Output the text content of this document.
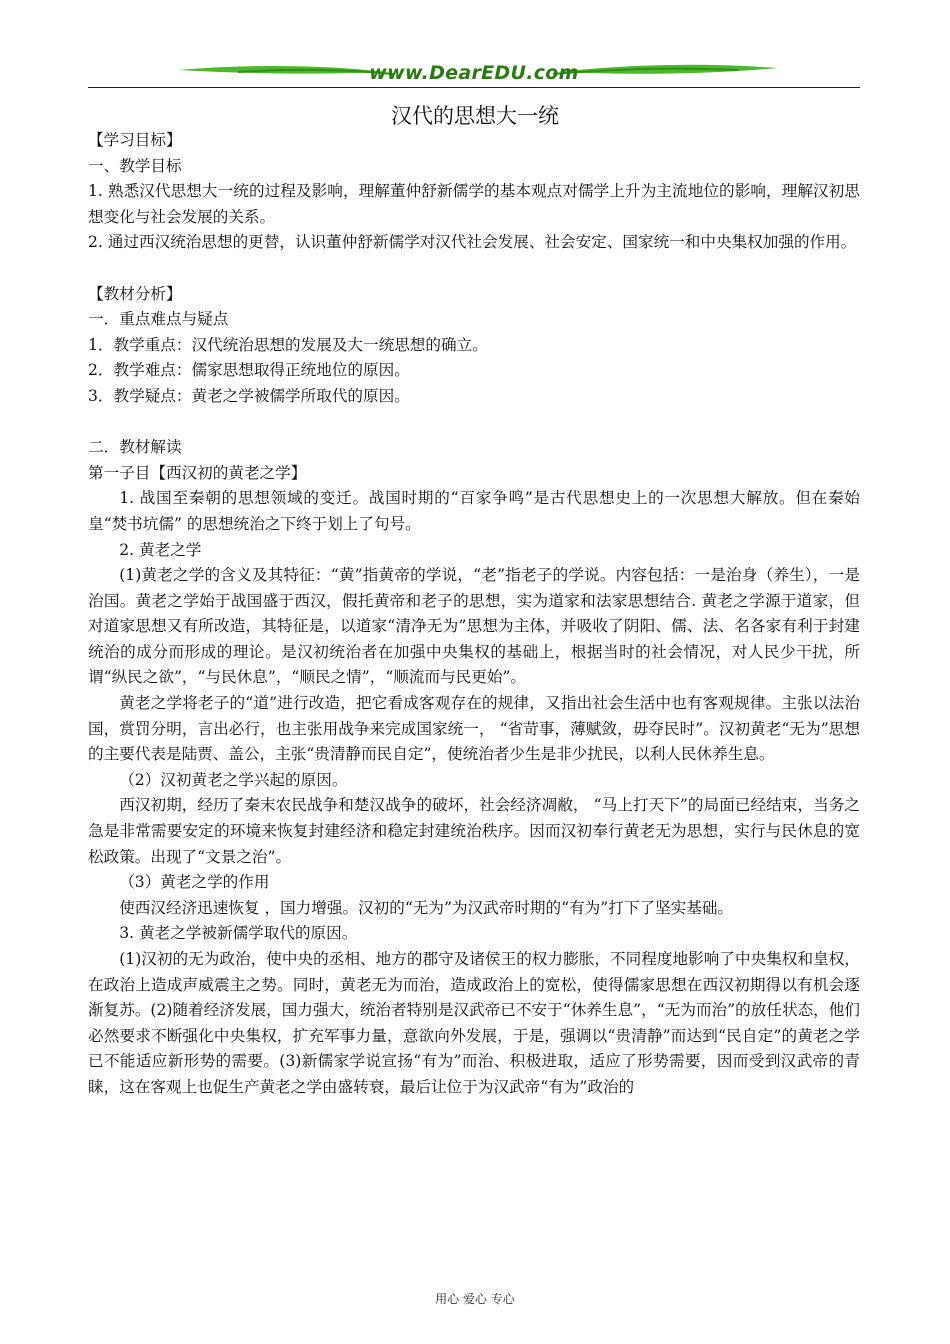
www.DearEDU.com
汉代的思想大一统

【学习目标】

一、教学目标

1. 熟悉汉代思想大一统的过程及影响，理解董仲舒新儒学的基本观点对儒学上升为主流地位的影响，理解汉初思想变化与社会发展的关系。

2. 通过西汉统治思想的更替，认识董仲舒新儒学对汉代社会发展、社会安定、国家统一和中央集权加强的作用。

【教材分析】

一．重点难点与疑点

1．教学重点：汉代统治思想的发展及大一统思想的确立。

2．教学难点：儒家思想取得正统地位的原因。

3．教学疑点：黄老之学被儒学所取代的原因。

二．教材解读

第一子目【西汉初的黄老之学】

1. 战国至秦朝的思想领域的变迁。战国时期的“百家争鸣”是古代思想史上的一次思想大解放。但在秦始皇“焚书坑儒” 的思想统治之下终于划上了句号。

2. 黄老之学

(1)黄老之学的含义及其特征：“黄”指黄帝的学说，“老”指老子的学说。内容包括：一是治身（养生），一是治国。黄老之学始于战国盛于西汉，假托黄帝和老子的思想，实为道家和法家思想结合. 黄老之学源于道家，但对道家思想又有所改造，其特征是，以道家“清净无为”思想为主体，并吸收了阴阳、儒、法、名各家有利于封建统治的成分而形成的理论。是汉初统治者在加强中央集权的基础上，根据当时的社会情况，对人民少干扰，所谓“纵民之欲”，“与民休息”，“顺民之情”，“顺流而与民更始”。

黄老之学将老子的“道”进行改造，把它看成客观存在的规律，又指出社会生活中也有客观规律。主张以法治国，赏罚分明，言出必行，也主张用战争来完成国家统一， “省苛事，薄赋敛，毋夺民时”。汉初黄老“无为”思想的主要代表是陆贾、盖公，主张“贵清静而民自定”，使统治者少生是非少扰民，以利人民休养生息。

（2）汉初黄老之学兴起的原因。

西汉初期，经历了秦末农民战争和楚汉战争的破坏，社会经济凋敝， “马上打天下”的局面已经结束，当务之急是非常需要安定的环境来恢复封建经济和稳定封建统治秩序。因而汉初奉行黄老无为思想，实行与民休息的宽松政策。出现了“文景之治”。

（3）黄老之学的作用

使西汉经济迅速恢复 ，国力增强。汉初的“无为”为汉武帝时期的“有为”打下了坚实基础。

3. 黄老之学被新儒学取代的原因。

(1)汉初的无为政治，使中央的丞相、地方的郡守及诸侯王的权力膨胀，不同程度地影响了中央集权和皇权，在政治上造成声威震主之势。同时，黄老无为而治，造成政治上的宽松，使得儒家思想在西汉初期得以有机会逐渐复苏。(2)随着经济发展，国力强大，统治者特别是汉武帝已不安于“休养生息”，“无为而治”的放任状态，他们必然要求不断强化中央集权，扩充军事力量，意欲向外发展，于是，强调以“贵清静”而达到“民自定”的黄老之学已不能适应新形势的需要。(3)新儒家学说宣扬“有为”而治、积极进取，适应了形势需要，因而受到汉武帝的青睐，这在客观上也促生产黄老之学由盛转衰，最后让位于为汉武帝“有为”政治的

用心 爱心 专心
